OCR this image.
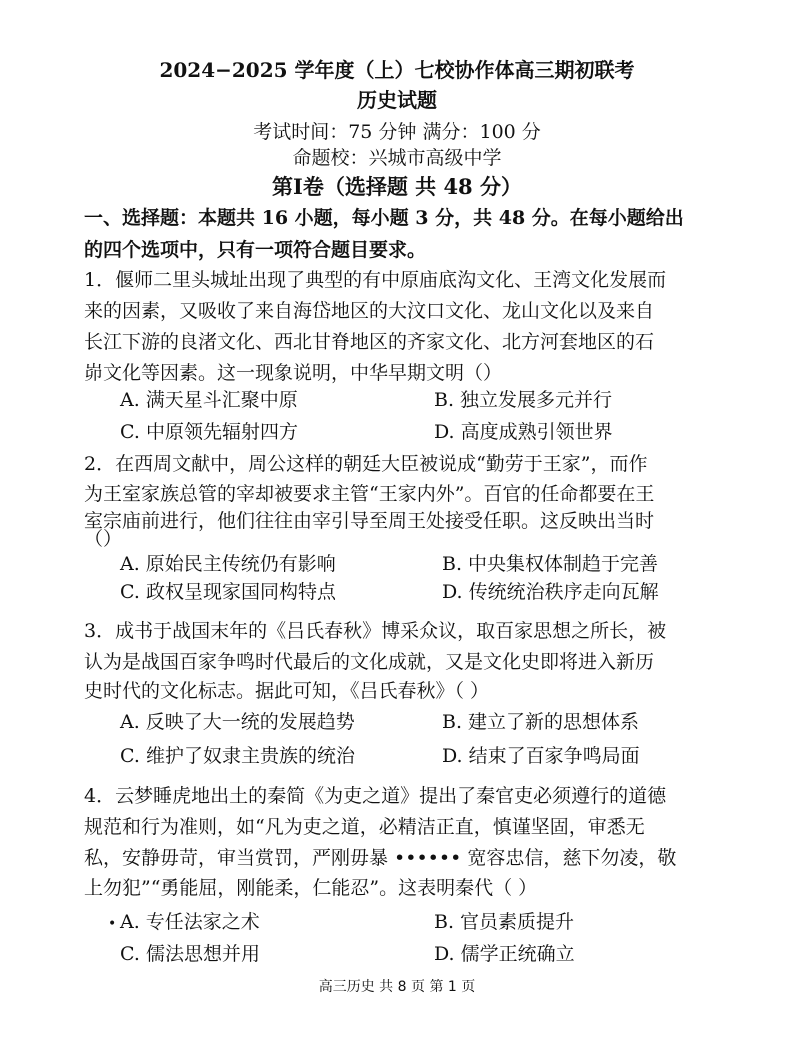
2024−2025 学年度（上）七校协作体高三期初联考
历史试题
考试时间：75 分钟 满分：100 分
命题校：兴城市高级中学
第Ⅰ卷（选择题 共 48 分）
一、选择题：本题共 16 小题，每小题 3 分，共 48 分。在每小题给出
的四个选项中，只有一项符合题目要求。
1．偃师二里头城址出现了典型的有中原庙底沟文化、王湾文化发展而
来的因素，又吸收了来自海岱地区的大汶口文化、龙山文化以及来自
长江下游的良渚文化、西北甘脊地区的齐家文化、北方河套地区的石
峁文化等因素。这一现象说明，中华早期文明（）
A. 满天星斗汇聚中原	B. 独立发展多元并行
C. 中原领先辐射四方	D. 高度成熟引领世界
2．在西周文献中，周公这样的朝廷大臣被说成“勤劳于王家”，而作
为王室家族总管的宰却被要求主管“王家内外”。百官的任命都要在王
室宗庙前进行，他们往往由宰引导至周王处接受任职。这反映出当时
（）
A. 原始民主传统仍有影响	B. 中央集权体制趋于完善
C. 政权呈现家国同构特点	D. 传统统治秩序走向瓦解
3．成书于战国末年的《吕氏春秋》博采众议，取百家思想之所长，被
认为是战国百家争鸣时代最后的文化成就，又是文化史即将进入新历
史时代的文化标志。据此可知，《吕氏春秋》（ ）
A. 反映了大一统的发展趋势	B. 建立了新的思想体系
C. 维护了奴隶主贵族的统治	D. 结束了百家争鸣局面
4．云梦睡虎地出土的秦简《为吏之道》提出了秦官吏必须遵行的道德
规范和行为准则，如“凡为吏之道，必精洁正直，慎谨坚固，审悉无
私，安静毋苛，审当赏罚，严刚毋暴 •••••• 宽容忠信，慈下勿凌，敬
上勿犯”“勇能屈，刚能柔，仁能忍”。这表明秦代（ ）
• A. 专任法家之术	B. 官员素质提升
C. 儒法思想并用	D. 儒学正统确立
高三历史 共 8 页 第 1 页
